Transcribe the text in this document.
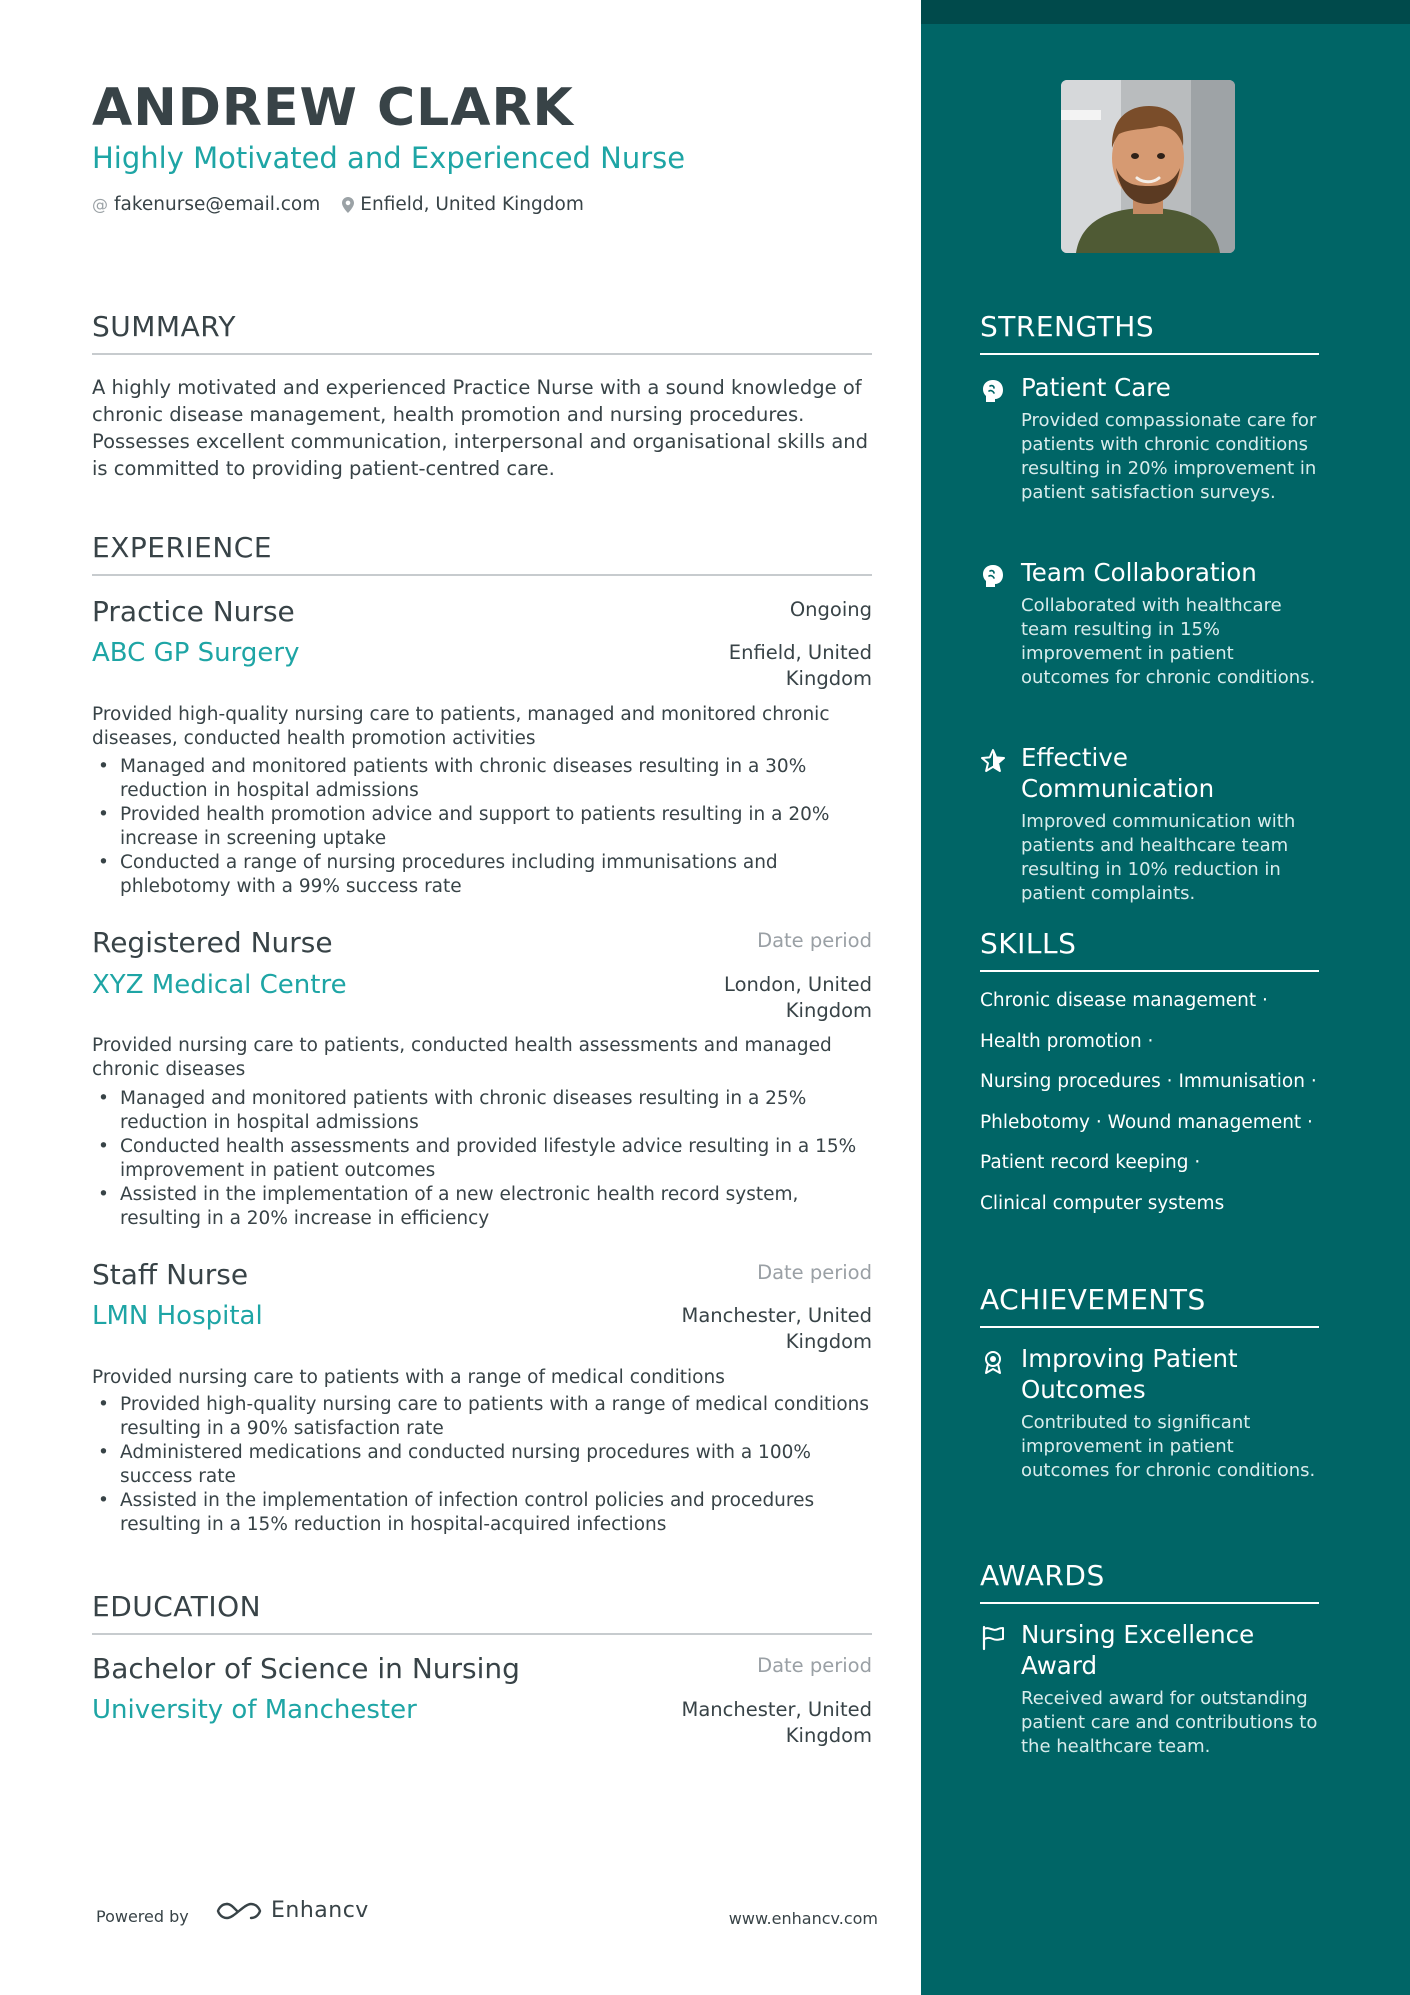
ANDREW CLARK
Highly Motivated and Experienced Nurse
@ fakenurse@email.com Enfield, United Kingdom
SUMMARY

A highly motivated and experienced Practice Nurse with a sound knowledge of chronic disease management, health promotion and nursing procedures. Possesses excellent communication, interpersonal and organisational skills and is committed to providing patient-centred care.

EXPERIENCE
Practice Nurse	Ongoing
ABC GP Surgery	Enfield, United Kingdom

Provided high-quality nursing care to patients, managed and monitored chronic diseases, conducted health promotion activities

• Managed and monitored patients with chronic diseases resulting in a 30% reduction in hospital admissions
• Provided health promotion advice and support to patients resulting in a 20% increase in screening uptake
• Conducted a range of nursing procedures including immunisations and phlebotomy with a 99% success rate
Registered Nurse	Date period
XYZ Medical Centre	London, United Kingdom

Provided nursing care to patients, conducted health assessments and managed chronic diseases

• Managed and monitored patients with chronic diseases resulting in a 25% reduction in hospital admissions
• Conducted health assessments and provided lifestyle advice resulting in a 15% improvement in patient outcomes
• Assisted in the implementation of a new electronic health record system, resulting in a 20% increase in efficiency
Staff Nurse	Date period
LMN Hospital	Manchester, United Kingdom

Provided nursing care to patients with a range of medical conditions

• Provided high-quality nursing care to patients with a range of medical conditions resulting in a 90% satisfaction rate
• Administered medications and conducted nursing procedures with a 100% success rate
• Assisted in the implementation of infection control policies and procedures resulting in a 15% reduction in hospital-acquired infections
EDUCATION
Bachelor of Science in Nursing	Date period
University of Manchester	Manchester, United Kingdom
Powered by	Enhancv	www.enhancv.com
STRENGTHS
Patient Care
Provided compassionate care for patients with chronic conditions resulting in 20% improvement in patient satisfaction surveys.
Team Collaboration
Collaborated with healthcare team resulting in 15% improvement in patient outcomes for chronic conditions.
Effective Communication
Improved communication with patients and healthcare team resulting in 10% reduction in patient complaints.
SKILLS
Chronic disease management ·
Health promotion ·
Nursing procedures · Immunisation ·
Phlebotomy · Wound management ·
Patient record keeping ·
Clinical computer systems
ACHIEVEMENTS
Improving Patient Outcomes
Contributed to significant improvement in patient outcomes for chronic conditions.
AWARDS
Nursing Excellence Award
Received award for outstanding patient care and contributions to the healthcare team.
